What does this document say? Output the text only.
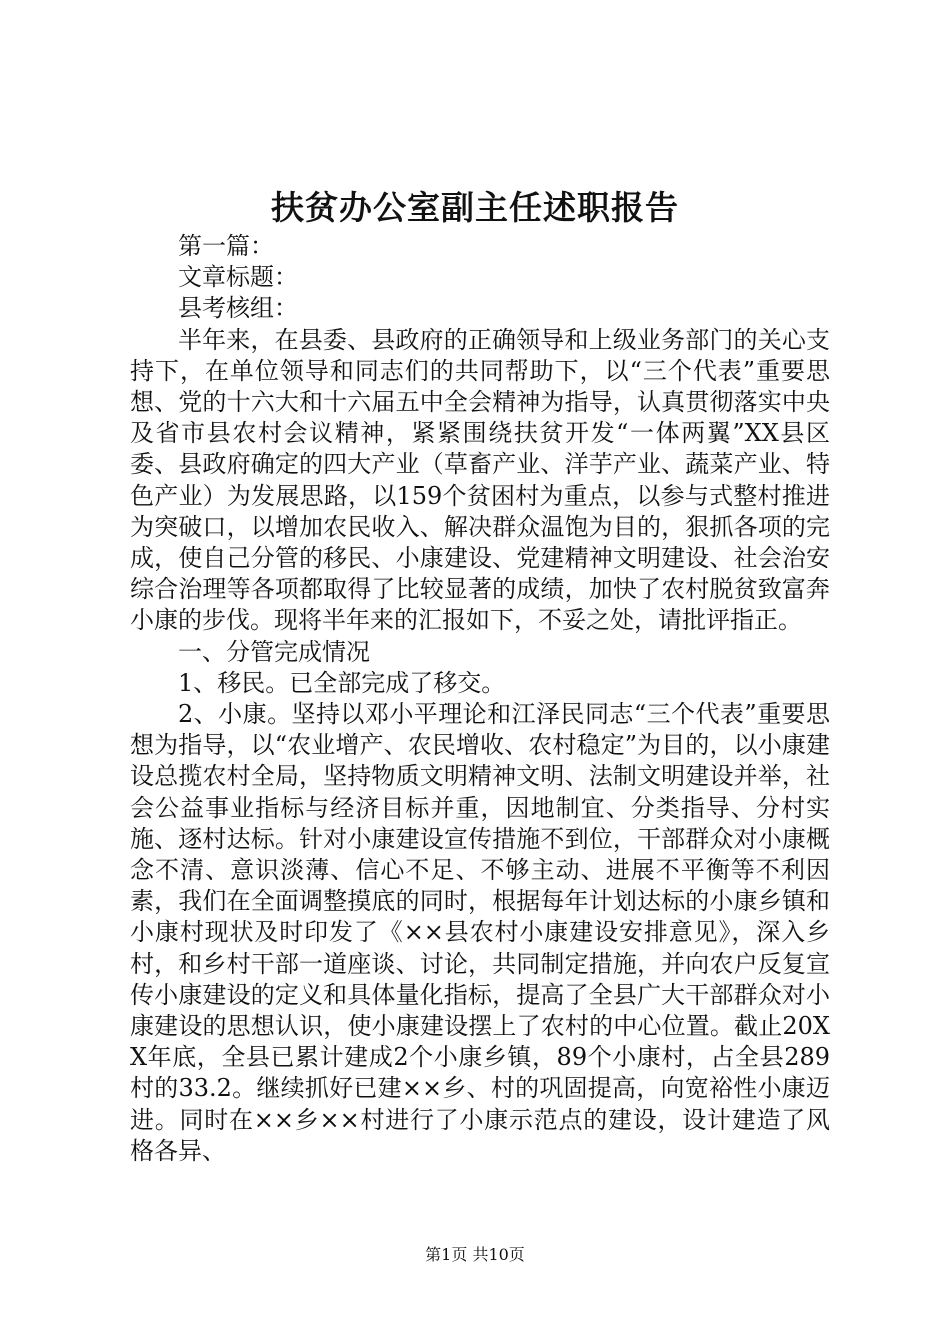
扶贫办公室副主任述职报告

第一篇：

文章标题：

县考核组：

半年来，在县委、县政府的正确领导和上级业务部门的关心支持下，在单位领导和同志们的共同帮助下，以“三个代表”重要思想、党的十六大和十六届五中全会精神为指导，认真贯彻落实中央及省市县农村会议精神，紧紧围绕扶贫开发“一体两翼”XX县区委、县政府确定的四大产业（草畜产业、洋芋产业、蔬菜产业、特色产业）为发展思路，以159个贫困村为重点，以参与式整村推进为突破口，以增加农民收入、解决群众温饱为目的，狠抓各项的完成，使自己分管的移民、小康建设、党建精神文明建设、社会治安综合治理等各项都取得了比较显著的成绩，加快了农村脱贫致富奔小康的步伐。现将半年来的汇报如下，不妥之处，请批评指正。

一、分管完成情况

1、移民。已全部完成了移交。

2、小康。坚持以邓小平理论和江泽民同志“三个代表”重要思想为指导，以“农业增产、农民增收、农村稳定”为目的，以小康建设总揽农村全局，坚持物质文明精神文明、法制文明建设并举，社会公益事业指标与经济目标并重，因地制宜、分类指导、分村实施、逐村达标。针对小康建设宣传措施不到位，干部群众对小康概念不清、意识淡薄、信心不足、不够主动、进展不平衡等不利因素，我们在全面调整摸底的同时，根据每年计划达标的小康乡镇和小康村现状及时印发了《××县农村小康建设安排意见》，深入乡村，和乡村干部一道座谈、讨论，共同制定措施，并向农户反复宣传小康建设的定义和具体量化指标，提高了全县广大干部群众对小康建设的思想认识，使小康建设摆上了农村的中心位置。截止20XX年底，全县已累计建成2个小康乡镇，89个小康村，占全县289村的33.2。继续抓好已建××乡、村的巩固提高，向宽裕性小康迈进。同时在××乡××村进行了小康示范点的建设，设计建造了风格各异、

第1页 共10页
